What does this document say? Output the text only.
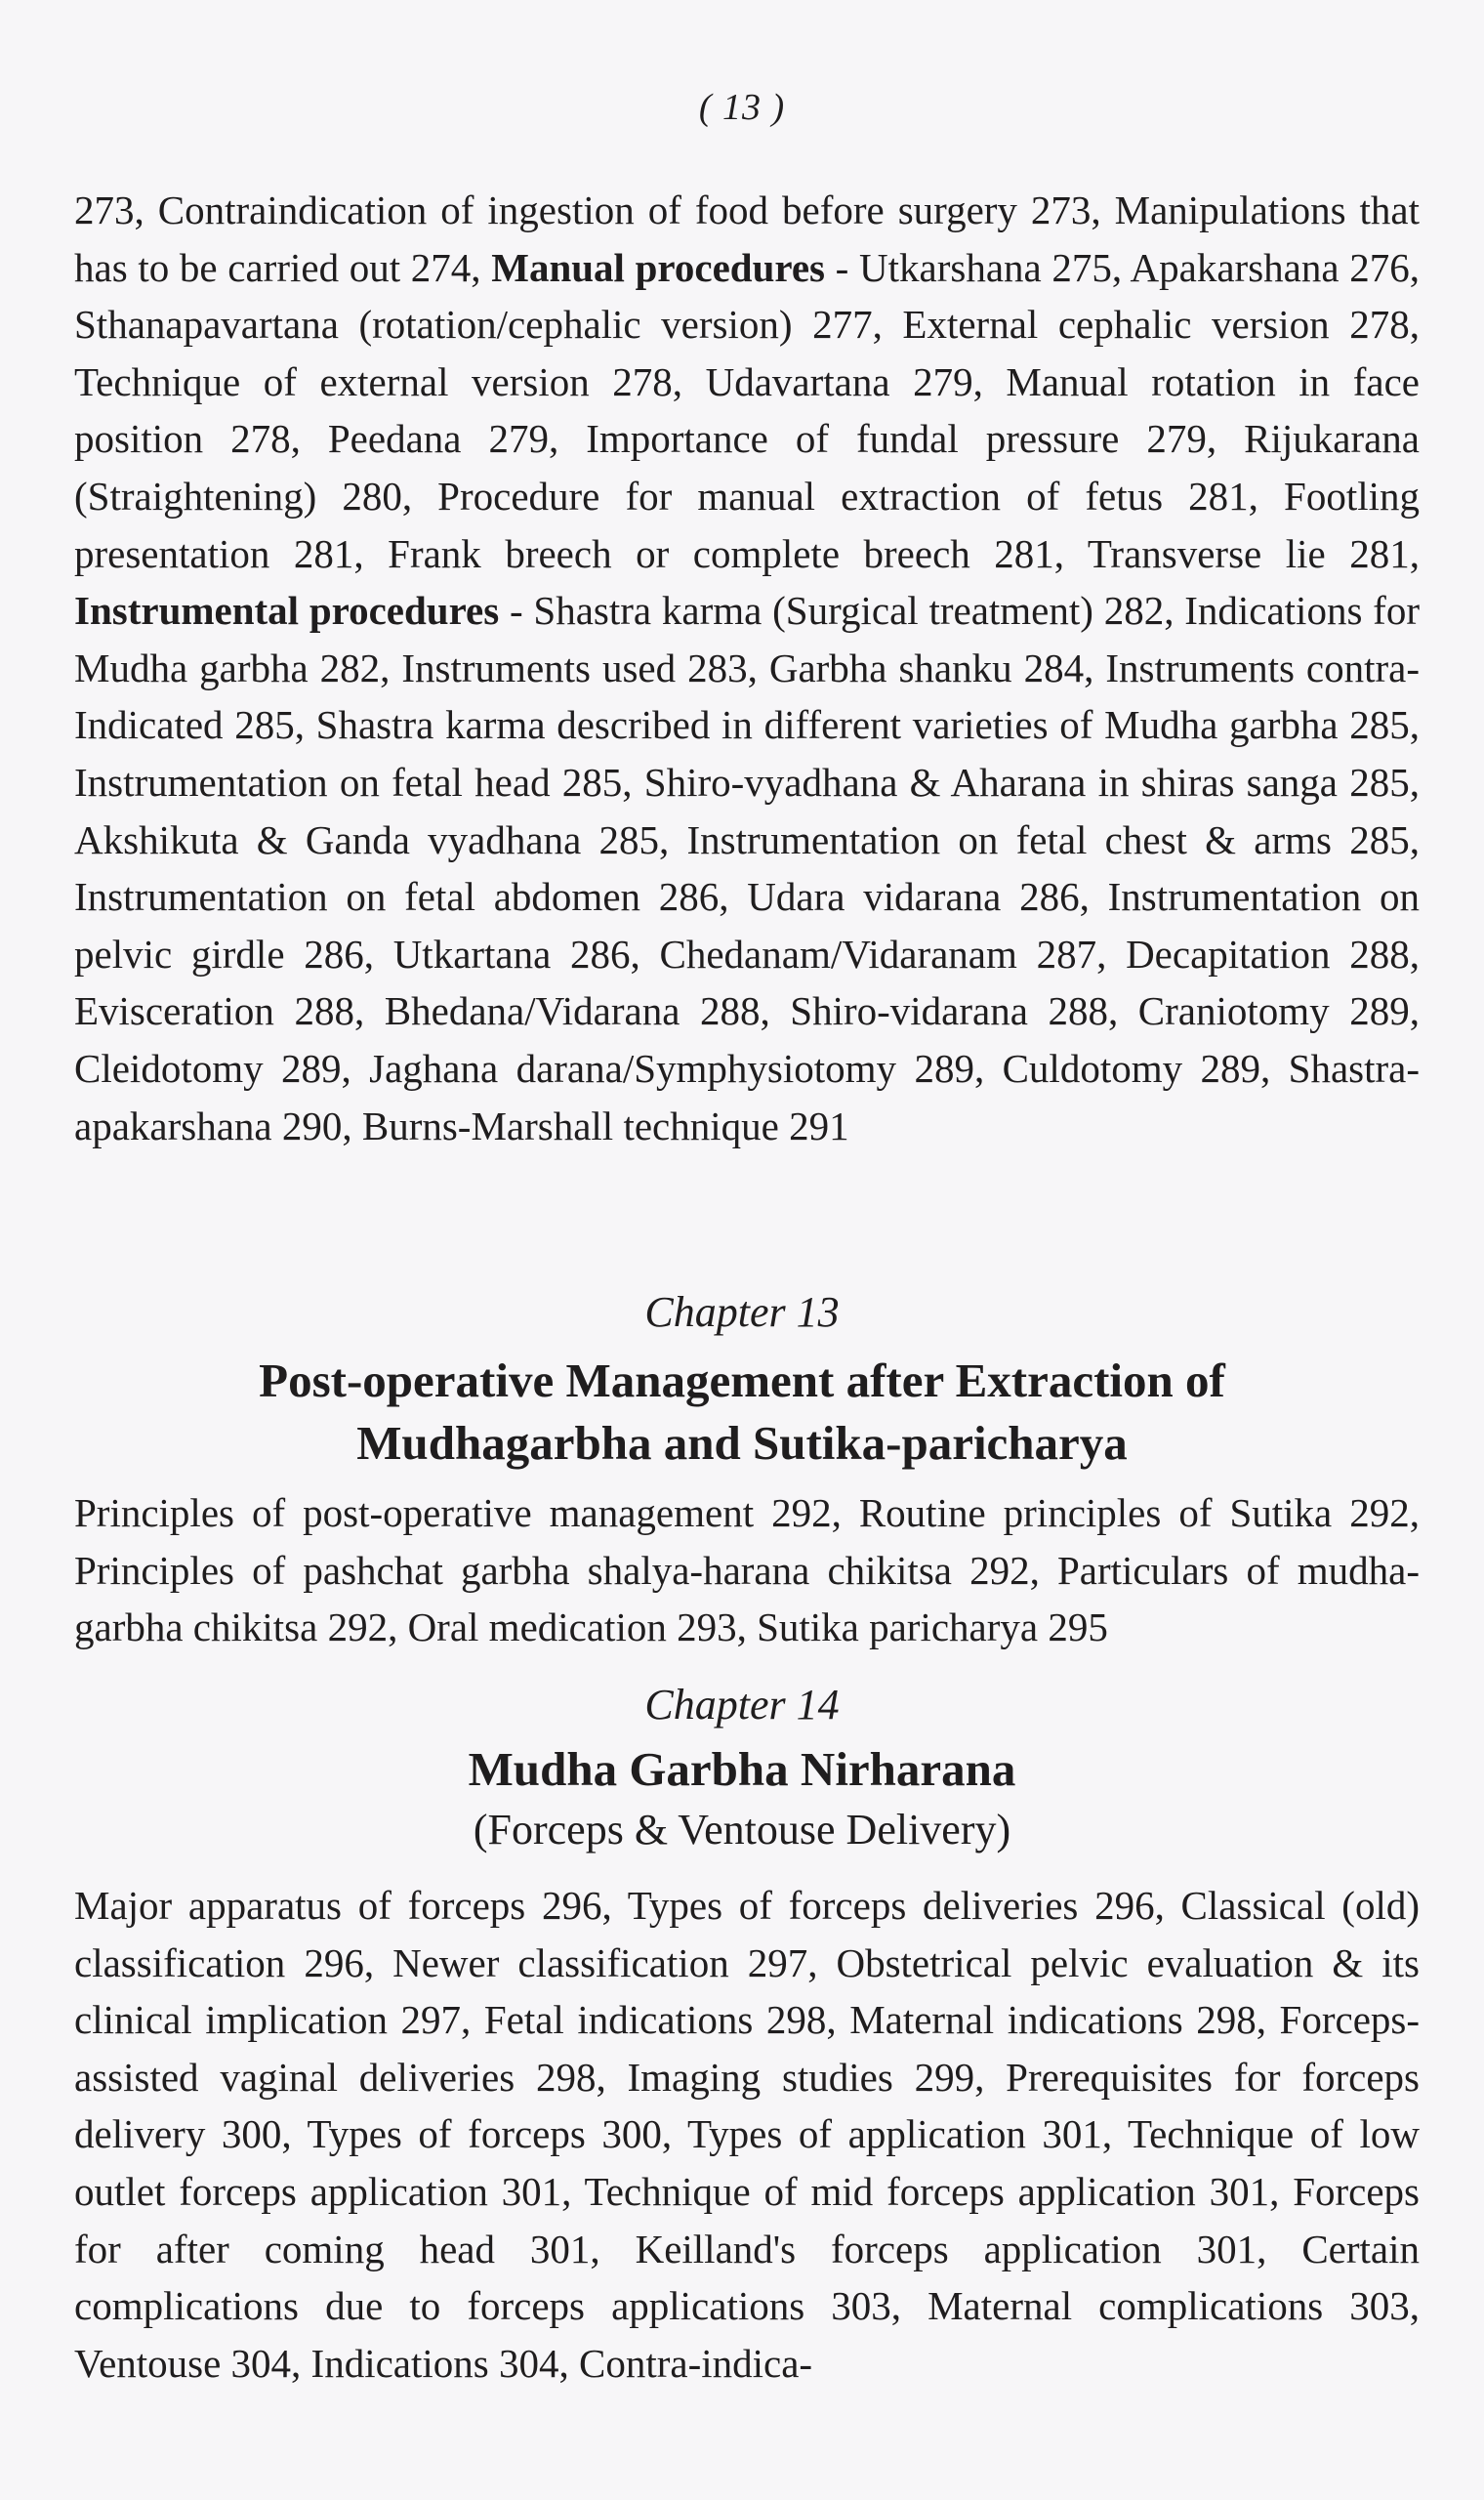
( 13 )

273, Contraindication of ingestion of food before surgery 273, Manipulations that has to be carried out 274, Manual procedures - Utkarshana 275, Apakarshana 276, Sthanapavartana (rotation/cephalic version) 277, External cephalic version 278, Technique of external version 278, Udavartana 279, Manual rotation in face position 278, Peedana 279, Importance of fundal pressure 279, Rijukarana (Straightening) 280, Procedure for manual extraction of fetus 281, Footling presentation 281, Frank breech or complete breech 281, Transverse lie 281, Instrumental procedures - Shastra karma (Surgical treatment) 282, Indications for Mudha garbha 282, Instruments used 283, Garbha shanku 284, Instruments contra-Indicated 285, Shastra karma described in different varieties of Mudha garbha 285, Instrumentation on fetal head 285, Shiro-vyadhana & Aharana in shiras sanga 285, Akshikuta & Ganda vyadhana 285, Instrumentation on fetal chest & arms 285, Instrumentation on fetal abdomen 286, Udara vidarana 286, Instrumentation on pelvic girdle 286, Utkartana 286, Chedanam/Vidaranam 287, Decapitation 288, Evisceration 288, Bhedana/Vidarana 288, Shiro-vidarana 288, Craniotomy 289, Cleidotomy 289, Jaghana darana/Symphysiotomy 289, Culdotomy 289, Shastra-apakarshana 290, Burns-Marshall technique 291

Chapter 13
Post-operative Management after Extraction of
Mudhagarbha and Sutika-paricharya

Principles of post-operative management 292, Routine principles of Sutika 292, Principles of pashchat garbha shalya-harana chikitsa 292, Particulars of mudha-garbha chikitsa 292, Oral medication 293, Sutika paricharya 295

Chapter 14
Mudha Garbha Nirharana
(Forceps & Ventouse Delivery)

Major apparatus of forceps 296, Types of forceps deliveries 296, Classical (old) classification 296, Newer classification 297, Obstetrical pelvic evaluation & its clinical implication 297, Fetal indications 298, Maternal indications 298, Forceps-assisted vaginal deliveries 298, Imaging studies 299, Prerequisites for forceps delivery 300, Types of forceps 300, Types of application 301, Technique of low outlet forceps application 301, Technique of mid forceps application 301, Forceps for after coming head 301, Keilland's forceps application 301, Certain complications due to forceps applications 303, Maternal complications 303, Ventouse 304, Indications 304, Contra-indica-
